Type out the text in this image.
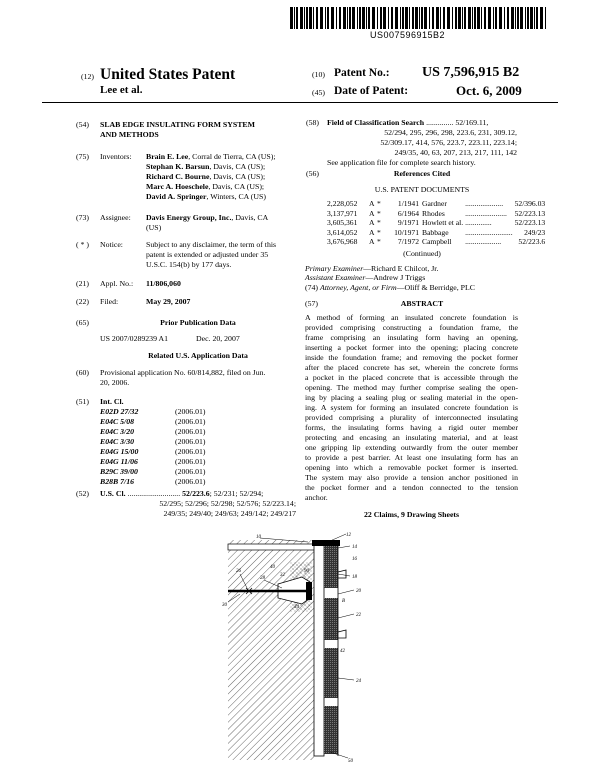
US007596915B2
(12) United States Patent
Lee et al.
(10) Patent No.: US 7,596,915 B2
(45) Date of Patent:	Oct. 6, 2009
(54) SLAB EDGE INSULATING FORM SYSTEM
AND METHODS
(75) Inventors: Brain E. Lee, Corral de Tierra, CA (US);
Stephan K. Barsun, Davis, CA (US);
Richard C. Bourne, Davis, CA (US);
Marc A. Hoeschele, Davis, CA (US);
David A. Springer, Winters, CA (US)
(73) Assignee: Davis Energy Group, Inc., Davis, CA
(US)
( * ) Notice:	Subject to any disclaimer, the term of this
patent is extended or adjusted under 35
U.S.C. 154(b) by 177 days.
(21) Appl. No.: 11/806,060
(22) Filed:	May 29, 2007
(65)	Prior Publication Data
US 2007/0289239 A1	Dec. 20, 2007
Related U.S. Application Data
(60) Provisional application No. 60/814,882, filed on Jun.
20, 2006.
(51) Int. Cl.
E02D 27/32	(2006.01)
E04C 5/08	(2006.01)
E04C 3/20	(2006.01)
E04C 3/30	(2006.01)
E04G 15/00	(2006.01)
E04G 11/06	(2006.01)
B29C 39/00	(2006.01)
B28B 7/16	(2006.01)
(52) U.S. Cl. ........................... 52/223.6; 52/231; 52/294;
52/295; 52/296; 52/298; 52/576; 52/223.14;
249/35; 249/40; 249/63; 249/142; 249/217
(58) Field of Classification Search .............. 52/169.11,
52/294, 295, 296, 298, 223.6, 231, 309.12,
52/309.17, 414, 576, 223.7, 223.11, 223.14;
249/35, 40, 63, 207, 213, 217, 111, 142
See application file for complete search history.
(56)	References Cited
U.S. PATENT DOCUMENTS
2,228,052	A	*	1/1941	Gardner	....................	52/396.03
3,137,971	A	*	6/1964	Rhodes	......................	52/223.13
3,605,361	A	*	9/1971	Howlett et al.	..............	52/223.13
3,614,052	A	*	10/1971	Babbage	.........................	249/23
3,676,968	A	*	7/1972	Campbell	...................	52/223.6
(Continued)
Primary Examiner—Richard E Chilcot, Jr.
Assistant Examiner—Andrew J Triggs
(74) Attorney, Agent, or Firm—Oliff & Berridge, PLC
(57)	ABSTRACT
A method of forming an insulated concrete foundation is
provided comprising constructing a foundation frame, the
frame comprising an insulating form having an opening,
inserting a pocket former into the opening; placing concrete
inside the foundation frame; and removing the pocket former
after the placed concrete has set, wherein the concrete forms
a pocket in the placed concrete that is accessible through the
opening. The method may further comprise sealing the open-
ing by placing a sealing plug or sealing material in the open-
ing. A system for forming an insulated concrete foundation is
provided comprising a plurality of interconnected insulating
forms, the insulating forms having a rigid outer member
protecting and encasing an insulating material, and at least
one gripping lip extending outwardly from the outer member
to provide a pest barrier. At least one insulating form has an
opening into which a removable pocket former is inserted.
The system may also provide a tension anchor positioned in
the pocket former and a tendon connected to the tension
anchor.
22 Claims, 9 Drawing Sheets
10	12
14
16
18
20
22
24
26
28
30
32
34
40
42
50
90
B
